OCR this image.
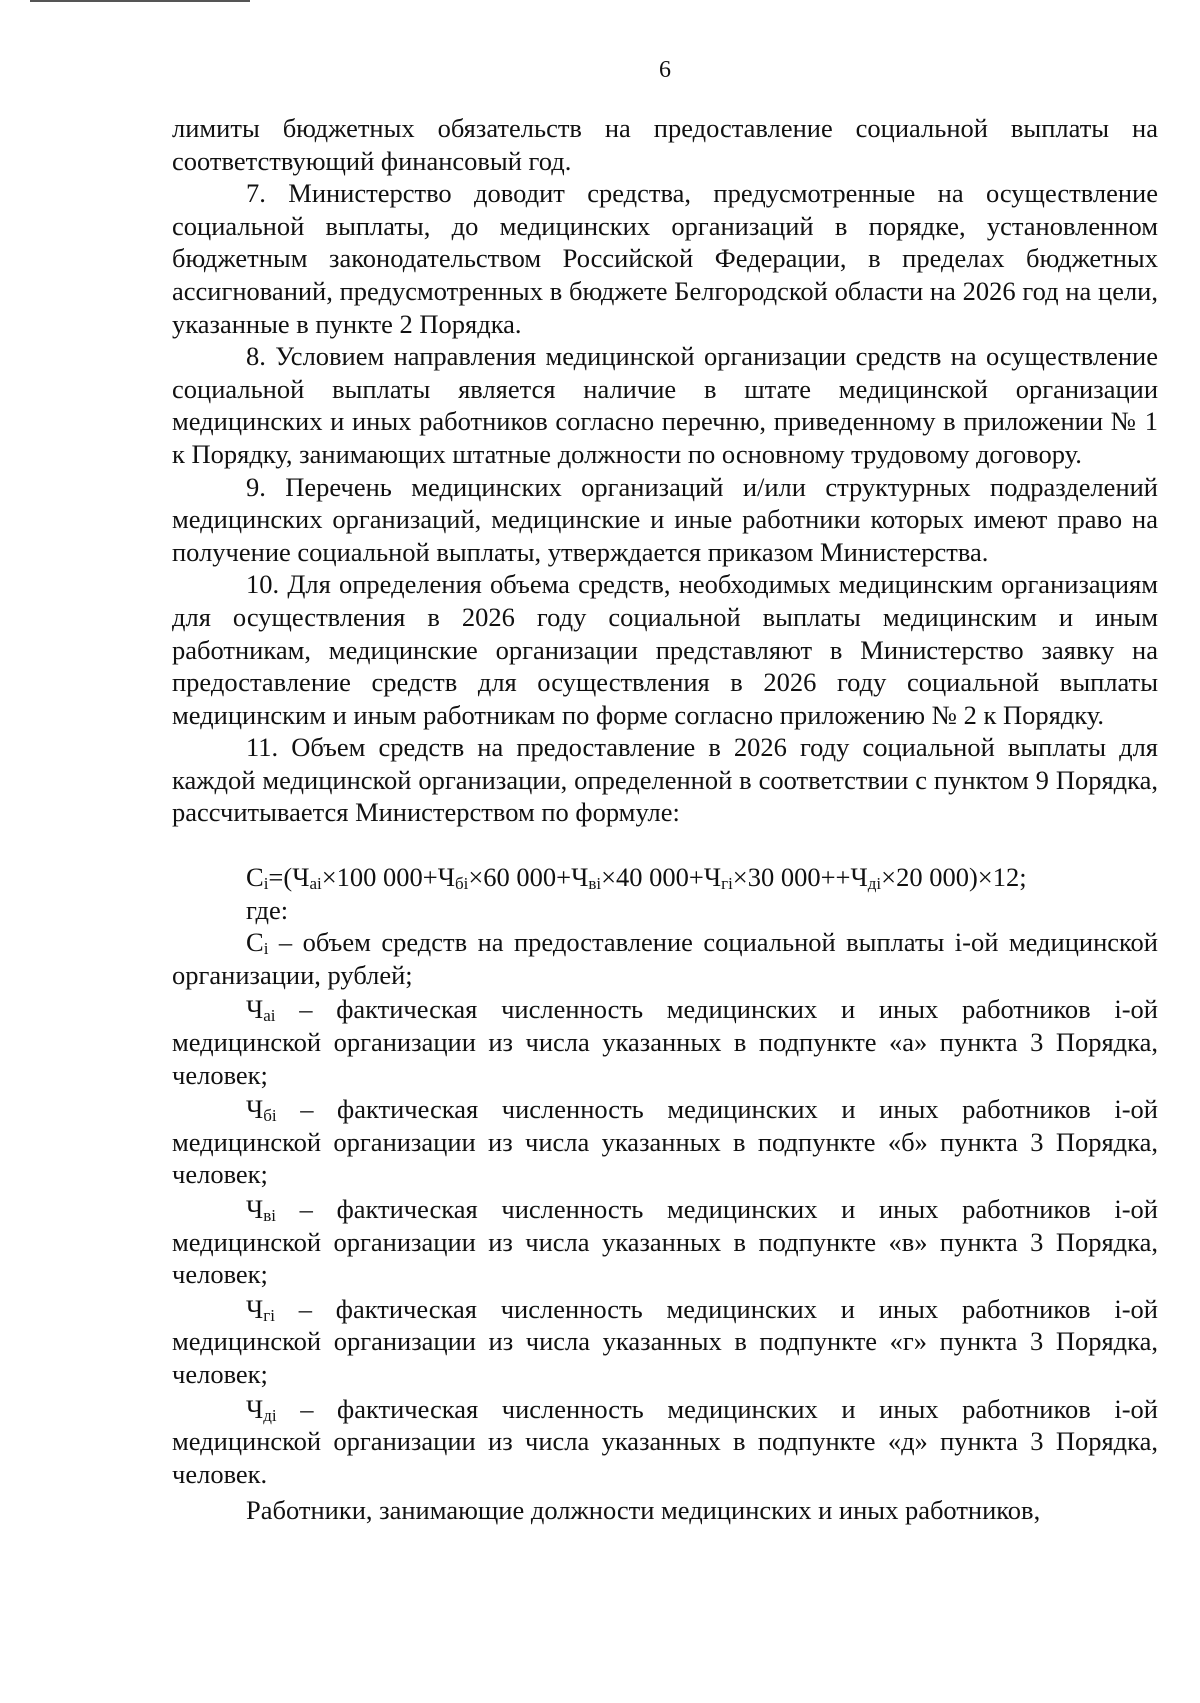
6

лимиты бюджетных обязательств на предоставление социальной выплаты на соответствующий финансовый год.

7. Министерство доводит средства, предусмотренные на осуществление социальной выплаты, до медицинских организаций в порядке, установленном бюджетным законодательством Российской Федерации, в пределах бюджетных ассигнований, предусмотренных в бюджете Белгородской области на 2026 год на цели, указанные в пункте 2 Порядка.

8. Условием направления медицинской организации средств на осуществление социальной выплаты является наличие в штате медицинской организации медицинских и иных работников согласно перечню, приведенному в приложении № 1 к Порядку, занимающих штатные должности по основному трудовому договору.

9. Перечень медицинских организаций и/или структурных подразделений медицинских организаций, медицинские и иные работники которых имеют право на получение социальной выплаты, утверждается приказом Министерства.

10. Для определения объема средств, необходимых медицинским организациям для осуществления в 2026 году социальной выплаты медицинским и иным работникам, медицинские организации представляют в Министерство заявку на предоставление средств для осуществления в 2026 году социальной выплаты медицинским и иным работникам по форме согласно приложению № 2 к Порядку.

11. Объем средств на предоставление в 2026 году социальной выплаты для каждой медицинской организации, определенной в соответствии с пунктом 9 Порядка, рассчитывается Министерством по формуле:

$C_i=(Ч_{ai}\times 100$ $000+Ч_{бi}\times 60$ $000+Ч_{вi}\times 40$ $000+Ч_{гi}\times 30$ $000++Ч_{дi}\times 20$ 000)×12;
где:

$C_i$ – объем средств на предоставление социальной выплаты i-ой медицинской организации, рублей;

$Ч_{ai}$ – фактическая численность медицинских и иных работников i-ой медицинской организации из числа указанных в подпункте «а» пункта 3 Порядка, человек;

$Ч_{бi}$ – фактическая численность медицинских и иных работников i-ой медицинской организации из числа указанных в подпункте «б» пункта 3 Порядка, человек;

$Ч_{вi}$ – фактическая численность медицинских и иных работников i-ой медицинской организации из числа указанных в подпункте «в» пункта 3 Порядка, человек;

$Ч_{гi}$ – фактическая численность медицинских и иных работников i-ой медицинской организации из числа указанных в подпункте «г» пункта 3 Порядка, человек;

$Ч_{дi}$ – фактическая численность медицинских и иных работников i-ой медицинской организации из числа указанных в подпункте «д» пункта 3 Порядка, человек.

Работники, занимающие должности медицинских и иных работников,
